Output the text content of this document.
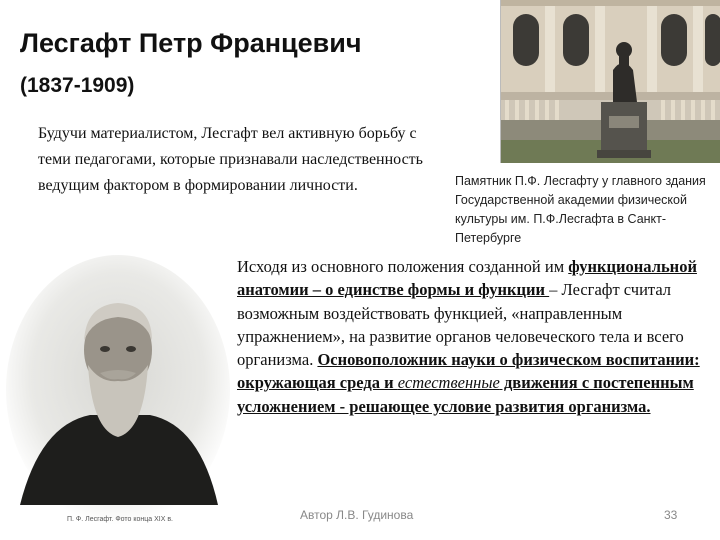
Лесгафт Петр Францевич
(1837-1909)
Будучи материалистом, Лесгафт вел активную борьбу с теми педагогами, которые признавали наследственность ведущим фактором в формировании личности.	Памятник П.Ф. Лесгафту у главного здания Государственной академии физической культуры им. П.Ф.Лесгафта в Санкт-Петербурге
П. Ф. Лесгафт. Фото конца XIX в.
Исходя из основного положения созданной им функциональной анатомии – о единстве формы и функции – Лесгафт считал возможным воздействовать функцией, «направленным упражнением», на развитие органов человеческого тела и всего организма. Основоположник науки о физическом воспитании: окружающая среда и естественные движения с постепенным усложнением - решающее условие развития организма.
Автор Л.В. Гудинова	33
